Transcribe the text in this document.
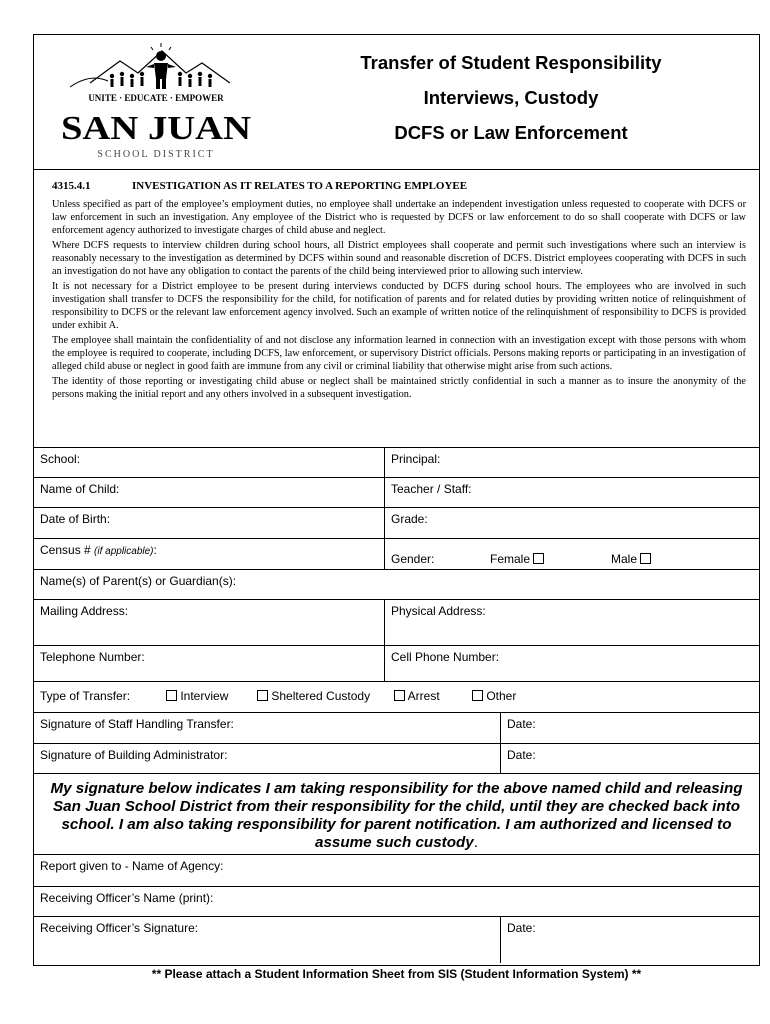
UNITE · EDUCATE · EMPOWER
SAN JUAN
SCHOOL DISTRICT
Transfer of Student Responsibility
Interviews, Custody
DCFS or Law Enforcement
4315.4.1	INVESTIGATION AS IT RELATES TO A REPORTING EMPLOYEE

Unless specified as part of the employee’s employment duties, no employee shall undertake an independent investigation unless requested to cooperate with DCFS or law enforcement in such an investigation. Any employee of the District who is requested by DCFS or law enforcement to do so shall cooperate with DCFS or law enforcement agency authorized to investigate charges of child abuse and neglect.

Where DCFS requests to interview children during school hours, all District employees shall cooperate and permit such investigations where such an interview is reasonably necessary to the investigation as determined by DCFS within sound and reasonable discretion of DCFS. District employees cooperating with DCFS in such an investigation do not have any obligation to contact the parents of the child being interviewed prior to allowing such interview.

It is not necessary for a District employee to be present during interviews conducted by DCFS during school hours. The employees who are involved in such investigation shall transfer to DCFS the responsibility for the child, for notification of parents and for related duties by providing written notice of relinquishment of responsibility to DCFS or the relevant law enforcement agency involved. Such an example of written notice of the relinquishment of responsibility to DCFS is provided under exhibit A.

The employee shall maintain the confidentiality of and not disclose any information learned in connection with an investigation except with those persons with whom the employee is required to cooperate, including DCFS, law enforcement, or supervisory District officials. Persons making reports or participating in an investigation of alleged child abuse or neglect in good faith are immune from any civil or criminal liability that otherwise might arise from such actions.

The identity of those reporting or investigating child abuse or neglect shall be maintained strictly confidential in such a manner as to insure the anonymity of the persons making the initial report and any others involved in a subsequent investigation.

School:	Principal:
Name of Child:	Teacher / Staff:
Date of Birth:	Grade:
Census # (if applicable):
Gender:	Female	Male
Name(s) of Parent(s) or Guardian(s):
Mailing Address:	Physical Address:
Telephone Number:	Cell Phone Number:
Type of Transfer:	Interview	Sheltered Custody	Arrest	Other
Signature of Staff Handling Transfer:	Date:
Signature of Building Administrator:	Date:
My signature below indicates I am taking responsibility for the above named child and releasing San Juan School District from their responsibility for the child, until they are checked back into school. I am also taking responsibility for parent notification. I am authorized and licensed to assume such custody.
Report given to - Name of Agency:
Receiving Officer’s Name (print):
Receiving Officer’s Signature:	Date:
** Please attach a Student Information Sheet from SIS (Student Information System) **
